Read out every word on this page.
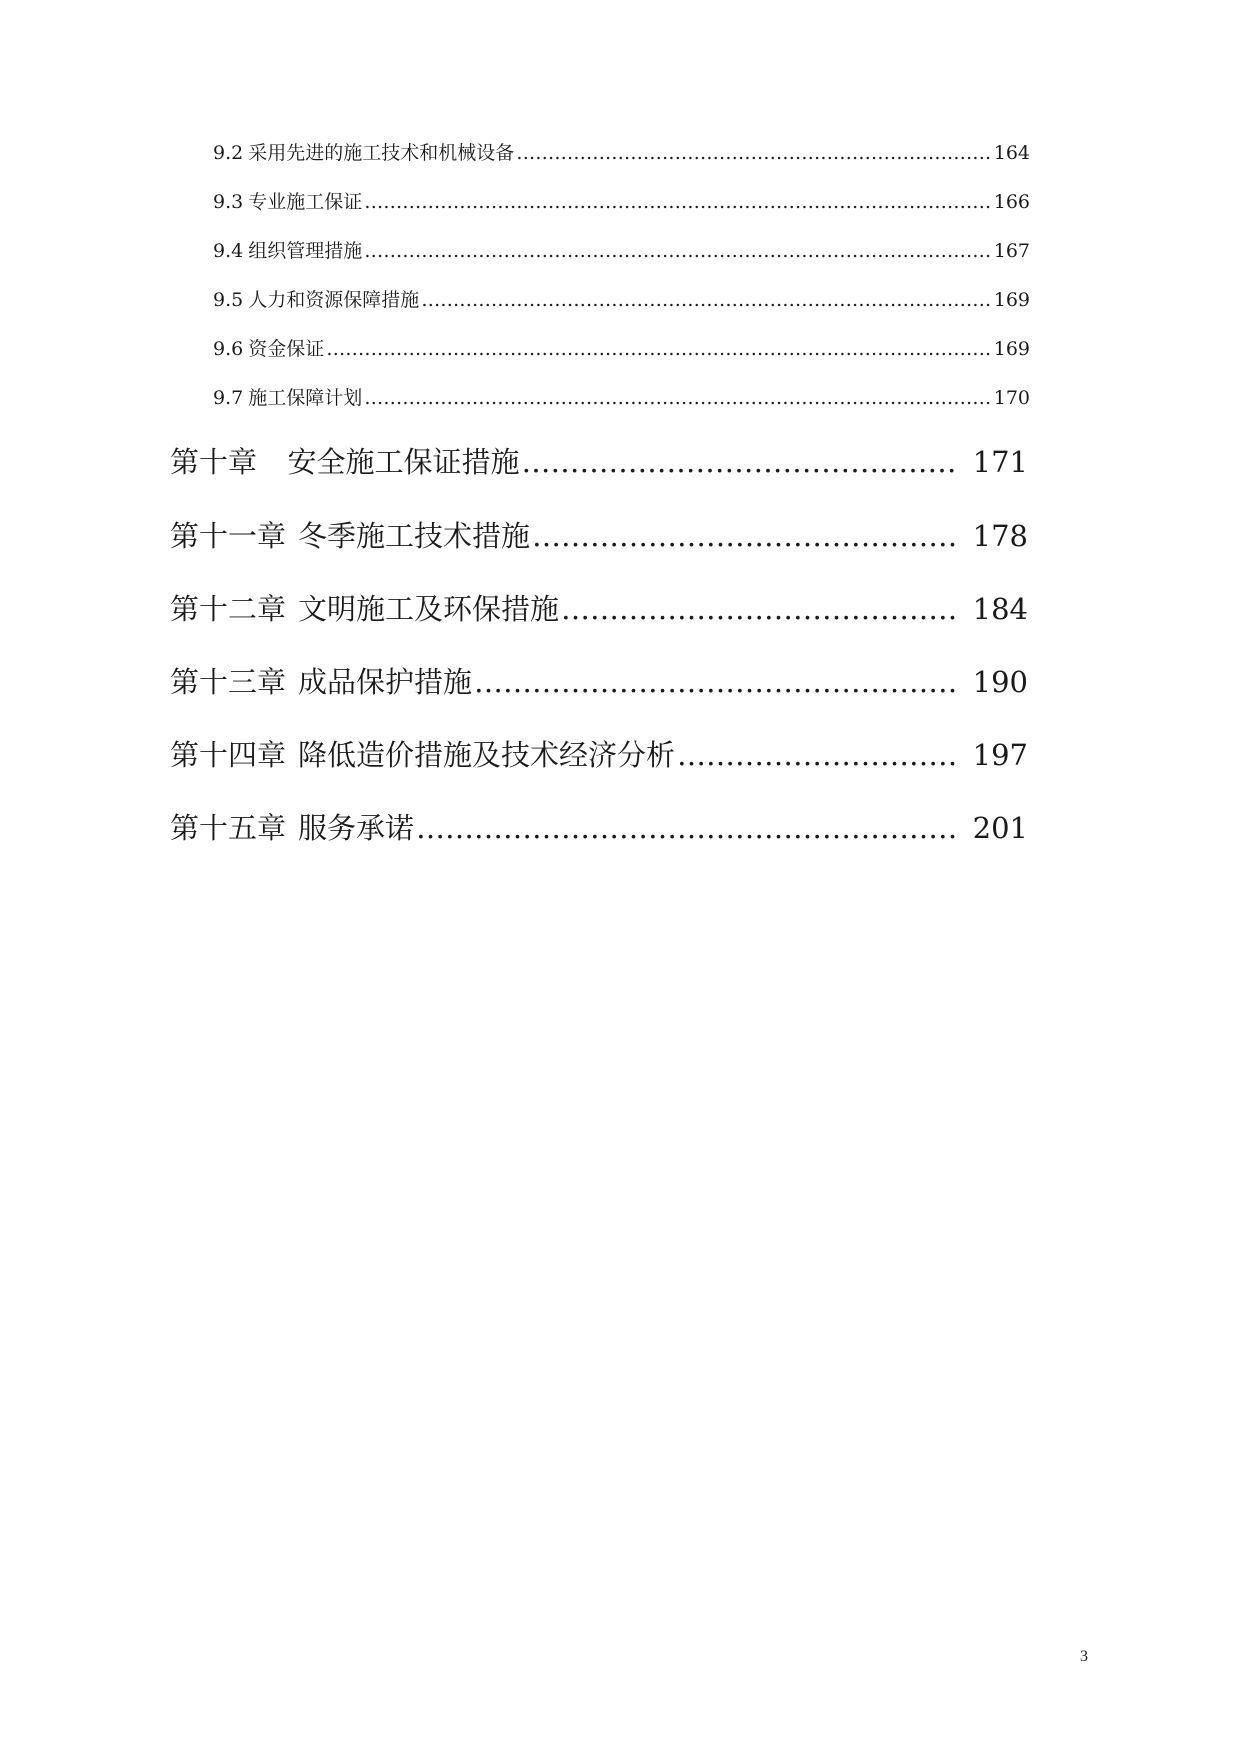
9.2 采用先进的施工技术和机械设备 ………………………………………………………………………………………………………………………………………………………………………………………………………………………………………………	164
9.3 专业施工保证 ………………………………………………………………………………………………………………………………………………………………………………………………………………………………………………	166
9.4 组织管理措施 ………………………………………………………………………………………………………………………………………………………………………………………………………………………………………………	167
9.5 人力和资源保障措施 ………………………………………………………………………………………………………………………………………………………………………………………………………………………………………………	169
9.6 资金保证 ………………………………………………………………………………………………………………………………………………………………………………………………………………………………………………	169
9.7 施工保障计划 ………………………………………………………………………………………………………………………………………………………………………………………………………………………………………………	170
第十章 安全施工保证措施 ………………………………………………………………………………………………………………………………………………………………………………………………………………………………………………	171
第十一章 冬季施工技术措施 ………………………………………………………………………………………………………………………………………………………………………………………………………………………………………………	178
第十二章 文明施工及环保措施 ………………………………………………………………………………………………………………………………………………………………………………………………………………………………………………	184
第十三章 成品保护措施 ………………………………………………………………………………………………………………………………………………………………………………………………………………………………………………	190
第十四章 降低造价措施及技术经济分析 ………………………………………………………………………………………………………………………………………………………………………………………………………………………………………………	197
第十五章 服务承诺 ………………………………………………………………………………………………………………………………………………………………………………………………………………………………………………	201
3
